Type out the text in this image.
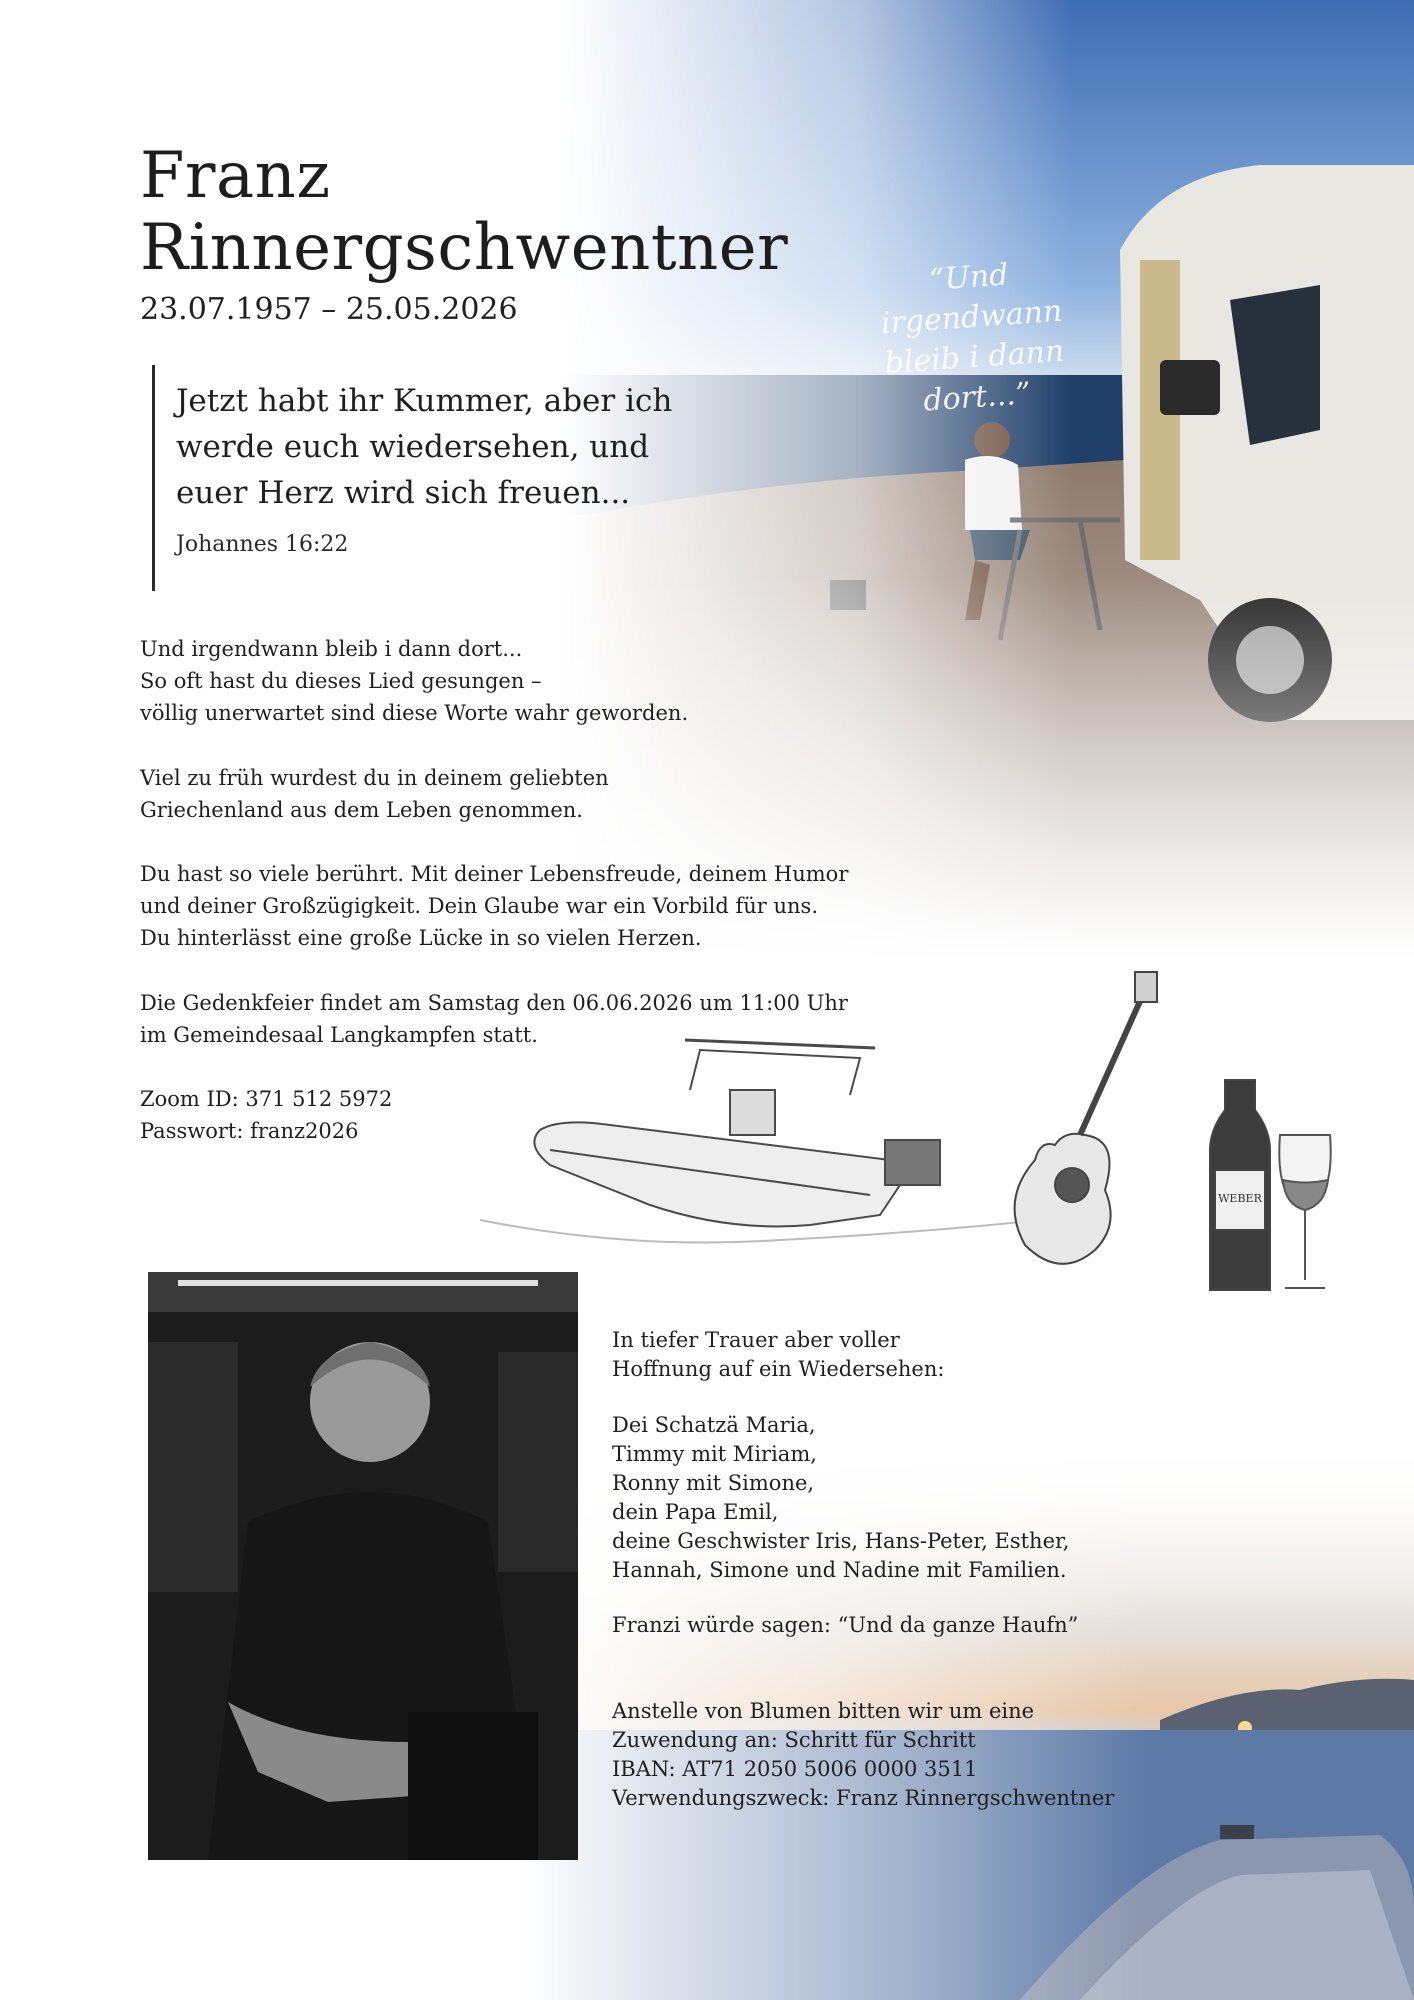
Franz
Rinnergschwentner
23.07.1957 – 25.05.2026
Jetzt habt ihr Kummer, aber ich werde euch wiedersehen, und euer Herz wird sich freuen...
Johannes 16:22
“Und irgendwann
bleib i dann dort...”
Und irgendwann bleib i dann dort...
So oft hast du dieses Lied gesungen –
völlig unerwartet sind diese Worte wahr geworden.
Viel zu früh wurdest du in deinem geliebten
Griechenland aus dem Leben genommen.
Du hast so viele berührt. Mit deiner Lebensfreude, deinem Humor
und deiner Großzügigkeit. Dein Glaube war ein Vorbild für uns.
Du hinterlässt eine große Lücke in so vielen Herzen.
Die Gedenkfeier findet am Samstag den 06.06.2026 um 11:00 Uhr
im Gemeindesaal Langkampfen statt.
Zoom ID: 371 512 5972
Passwort: franz2026
WEBER
In tiefer Trauer aber voller
Hoffnung auf ein Wiedersehen:
Dei Schatzä Maria,
Timmy mit Miriam,
Ronny mit Simone,
dein Papa Emil,
deine Geschwister Iris, Hans-Peter, Esther,
Hannah, Simone und Nadine mit Familien.
Franzi würde sagen: “Und da ganze Haufn”
Anstelle von Blumen bitten wir um eine
Zuwendung an: Schritt für Schritt
IBAN: AT71 2050 5006 0000 3511
Verwendungszweck: Franz Rinnergschwentner
